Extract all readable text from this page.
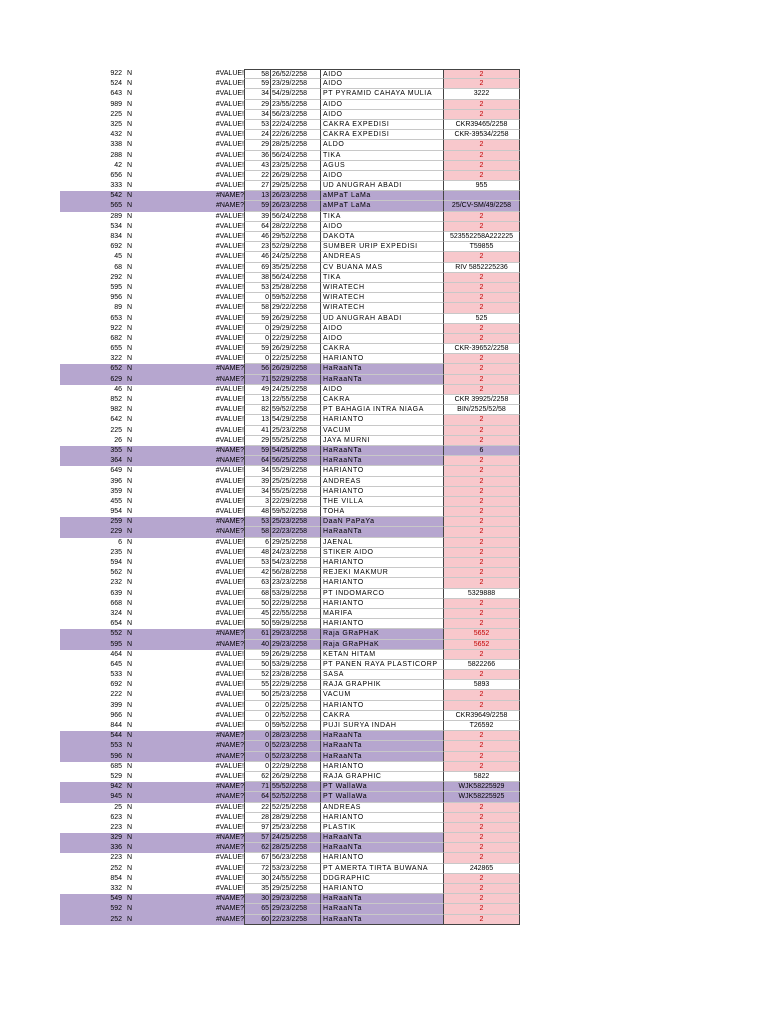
922 N	#VALUE!	58 26/52/2258	AIDO	2
524 N	#VALUE!	59 23/29/2258	AIDO	2
643 N	#VALUE!	34 54/29/2258	PT PYRAMID CAHAYA MULIA	3222
989 N	#VALUE!	29 23/55/2258	AIDO	2
225 N	#VALUE!	34 56/23/2258	AIDO	2
325 N	#VALUE!	53 22/24/2258	CAKRA EXPEDISI	CKR39465/2258
432 N	#VALUE!	24 22/26/2258	CAKRA EXPEDISI	CKR-39534/2258
338 N	#VALUE!	29 28/25/2258	ALDO	2
288 N	#VALUE!	36 56/24/2258	TIKA	2
42 N	#VALUE!	43 23/25/2258	AGUS	2
656 N	#VALUE!	22 26/29/2258	AIDO	2
333 N	#VALUE!	27 29/25/2258	UD ANUGRAH ABADI	955
542 N	#NAME?	13 26/23/2258	aMPaT LaMa
565 N	#NAME?	59 26/23/2258	aMPaT LaMa	25/CV-SM/49/2258
289 N	#VALUE!	39 56/24/2258	TIKA	2
534 N	#VALUE!	64 28/22/2258	AIDO	2
834 N	#VALUE!	46 29/52/2258	DAKOTA	523552258A222225
692 N	#VALUE!	23 52/29/2258	SUMBER URIP EXPEDISI	T59855
45 N	#VALUE!	46 24/25/2258	ANDREAS	2
68 N	#VALUE!	69 35/25/2258	CV BUANA MAS	RIV 5852225236
292 N	#VALUE!	38 56/24/2258	TIKA	2
595 N	#VALUE!	53 25/28/2258	WIRATECH	2
956 N	#VALUE!	0 59/52/2258	WIRATECH	2
89 N	#VALUE!	58 29/22/2258	WIRATECH	2
653 N	#VALUE!	59 26/29/2258	UD ANUGRAH ABADI	525
922 N	#VALUE!	0 29/29/2258	AIDO	2
682 N	#VALUE!	0 22/29/2258	AIDO	2
655 N	#VALUE!	59 26/29/2258	CAKRA	CKR-39652/2258
322 N	#VALUE!	0 22/25/2258	HARIANTO	2
652 N	#NAME?	56 26/29/2258	HaRaaNTa	2
629 N	#NAME?	71 52/29/2258	HaRaaNTa	2
46 N	#VALUE!	49 24/25/2258	AIDO	2
852 N	#VALUE!	13 22/55/2258	CAKRA	CKR 39925/2258
982 N	#VALUE!	82 59/52/2258	PT BAHAGIA INTRA NIAGA	BIN/2525/52/58
642 N	#VALUE!	13 54/29/2258	HARIANTO	2
225 N	#VALUE!	41 25/23/2258	VACUM	2
26 N	#VALUE!	29 55/25/2258	JAYA MURNI	2
355 N	#NAME?	59 54/25/2258	HaRaaNTa	6
364 N	#NAME?	64 56/25/2258	HaRaaNTa	2
649 N	#VALUE!	34 55/29/2258	HARIANTO	2
396 N	#VALUE!	39 25/25/2258	ANDREAS	2
359 N	#VALUE!	34 55/25/2258	HARIANTO	2
455 N	#VALUE!	3 22/29/2258	THE VILLA	2
954 N	#VALUE!	48 59/52/2258	TOHA	2
259 N	#NAME?	53 25/23/2258	DaaN PaPaYa	2
229 N	#NAME?	58 22/23/2258	HaRaaNTa	2
6 N	#VALUE!	6 29/25/2258	JAENAL	2
235 N	#VALUE!	48 24/23/2258	STIKER AIDO	2
594 N	#VALUE!	53 54/23/2258	HARIANTO	2
562 N	#VALUE!	42 56/28/2258	REJEKI MAKMUR	2
232 N	#VALUE!	63 23/23/2258	HARIANTO	2
639 N	#VALUE!	68 53/29/2258	PT INDOMARCO	5329888
668 N	#VALUE!	50 22/29/2258	HARIANTO	2
324 N	#VALUE!	45 22/55/2258	MARIFA	2
654 N	#VALUE!	50 59/29/2258	HARIANTO	2
552 N	#NAME?	61 29/23/2258	Raja GRaPHaK	5652
595 N	#NAME?	40 29/23/2258	Raja GRaPHaK	5652
464 N	#VALUE!	59 26/29/2258	KETAN HITAM	2
645 N	#VALUE!	50 53/29/2258	PT PANEN RAYA PLASTICORP	5822266
533 N	#VALUE!	52 23/28/2258	SASA	2
692 N	#VALUE!	55 22/29/2258	RAJA GRAPHIK	5893
222 N	#VALUE!	50 25/23/2258	VACUM	2
399 N	#VALUE!	0 22/25/2258	HARIANTO	2
966 N	#VALUE!	0 22/52/2258	CAKRA	CKR39649/2258
844 N	#VALUE!	0 59/52/2258	PUJI SURYA INDAH	T26592
544 N	#NAME?	0 28/23/2258	HaRaaNTa	2
553 N	#NAME?	0 52/23/2258	HaRaaNTa	2
596 N	#NAME?	0 52/23/2258	HaRaaNTa	2
685 N	#VALUE!	0 22/29/2258	HARIANTO	2
529 N	#VALUE!	62 26/29/2258	RAJA GRAPHIC	5822
942 N	#NAME?	71 55/52/2258	PT WallaWa	WJK58225929
945 N	#NAME?	64 52/52/2258	PT WallaWa	WJK58225925
25 N	#VALUE!	22 52/25/2258	ANDREAS	2
623 N	#VALUE!	28 28/29/2258	HARIANTO	2
223 N	#VALUE!	97 25/23/2258	PLASTIK	2
329 N	#NAME?	57 24/25/2258	HaRaaNTa	2
336 N	#NAME?	62 28/25/2258	HaRaaNTa	2
223 N	#VALUE!	67 56/23/2258	HARIANTO	2
252 N	#VALUE!	72 53/23/2258	PT AMERTA TIRTA BUWANA	242865
854 N	#VALUE!	30 24/55/2258	DDGRAPHIC	2
332 N	#VALUE!	35 29/25/2258	HARIANTO	2
549 N	#NAME?	30 29/23/2258	HaRaaNTa	2
592 N	#NAME?	65 29/23/2258	HaRaaNTa	2
252 N	#NAME?	60 22/23/2258	HaRaaNTa	2
